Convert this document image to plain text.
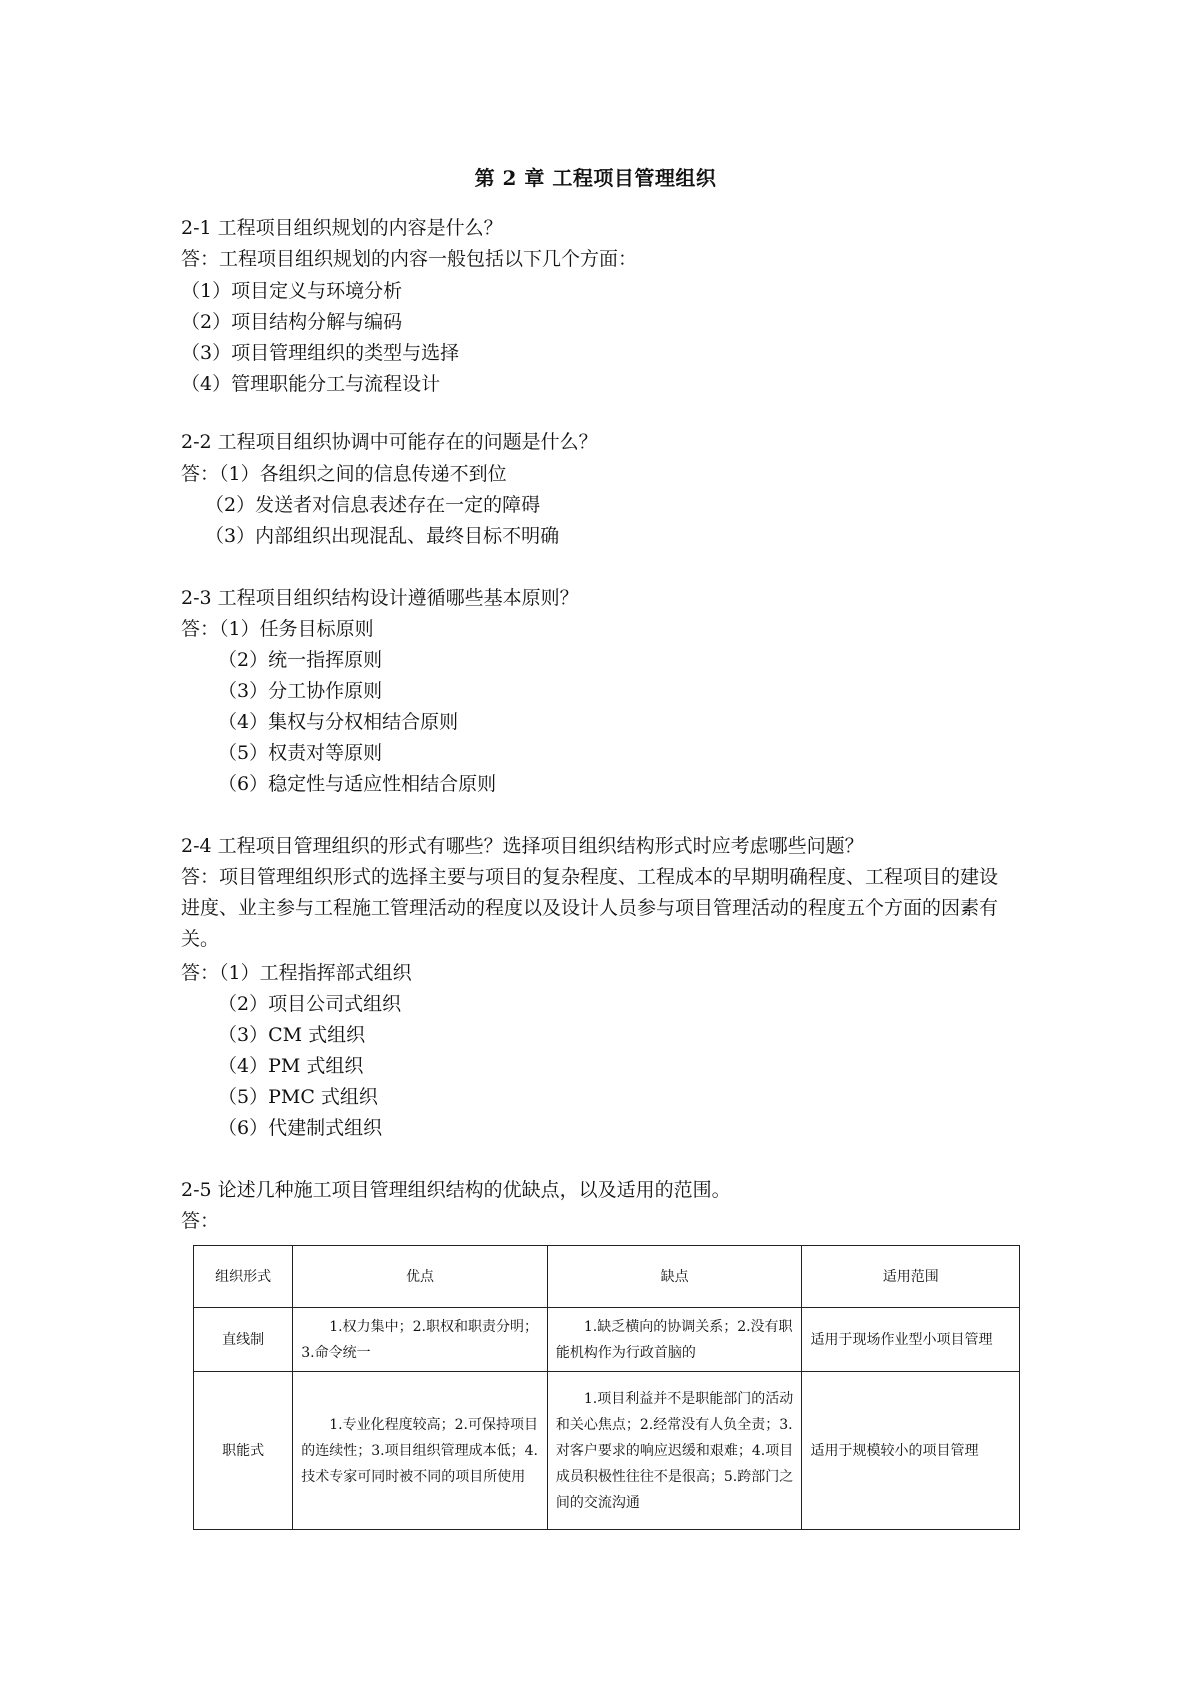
第 2 章 工程项目管理组织
2-1 工程项目组织规划的内容是什么？
答：工程项目组织规划的内容一般包括以下几个方面：
（1）项目定义与环境分析
（2）项目结构分解与编码
（3）项目管理组织的类型与选择
（4）管理职能分工与流程设计
2-2 工程项目组织协调中可能存在的问题是什么？
答：（1）各组织之间的信息传递不到位
（2）发送者对信息表述存在一定的障碍
（3）内部组织出现混乱、最终目标不明确
2-3 工程项目组织结构设计遵循哪些基本原则？
答：（1）任务目标原则
（2）统一指挥原则
（3）分工协作原则
（4）集权与分权相结合原则
（5）权责对等原则
（6）稳定性与适应性相结合原则
2-4 工程项目管理组织的形式有哪些？选择项目组织结构形式时应考虑哪些问题？
答：项目管理组织形式的选择主要与项目的复杂程度、工程成本的早期明确程度、工程项目的建设进度、业主参与工程施工管理活动的程度以及设计人员参与项目管理活动的程度五个方面的因素有关。
答：（1）工程指挥部式组织
（2）项目公司式组织
（3）CM 式组织
（4）PM 式组织
（5）PMC 式组织
（6）代建制式组织
2-5 论述几种施工项目管理组织结构的优缺点，以及适用的范围。
答：
组织形式	优点	缺点	适用范围
直线制	1.权力集中；2.职权和职责分明；3.命令统一	1.缺乏横向的协调关系；2.没有职能机构作为行政首脑的	适用于现场作业型小项目管理
职能式	1.专业化程度较高；2.可保持项目的连续性；3.项目组织管理成本低；4.技术专家可同时被不同的项目所使用	1.项目利益并不是职能部门的活动和关心焦点；2.经常没有人负全责；3.对客户要求的响应迟缓和艰难；4.项目成员积极性往往不是很高；5.跨部门之间的交流沟通	适用于规模较小的项目管理
